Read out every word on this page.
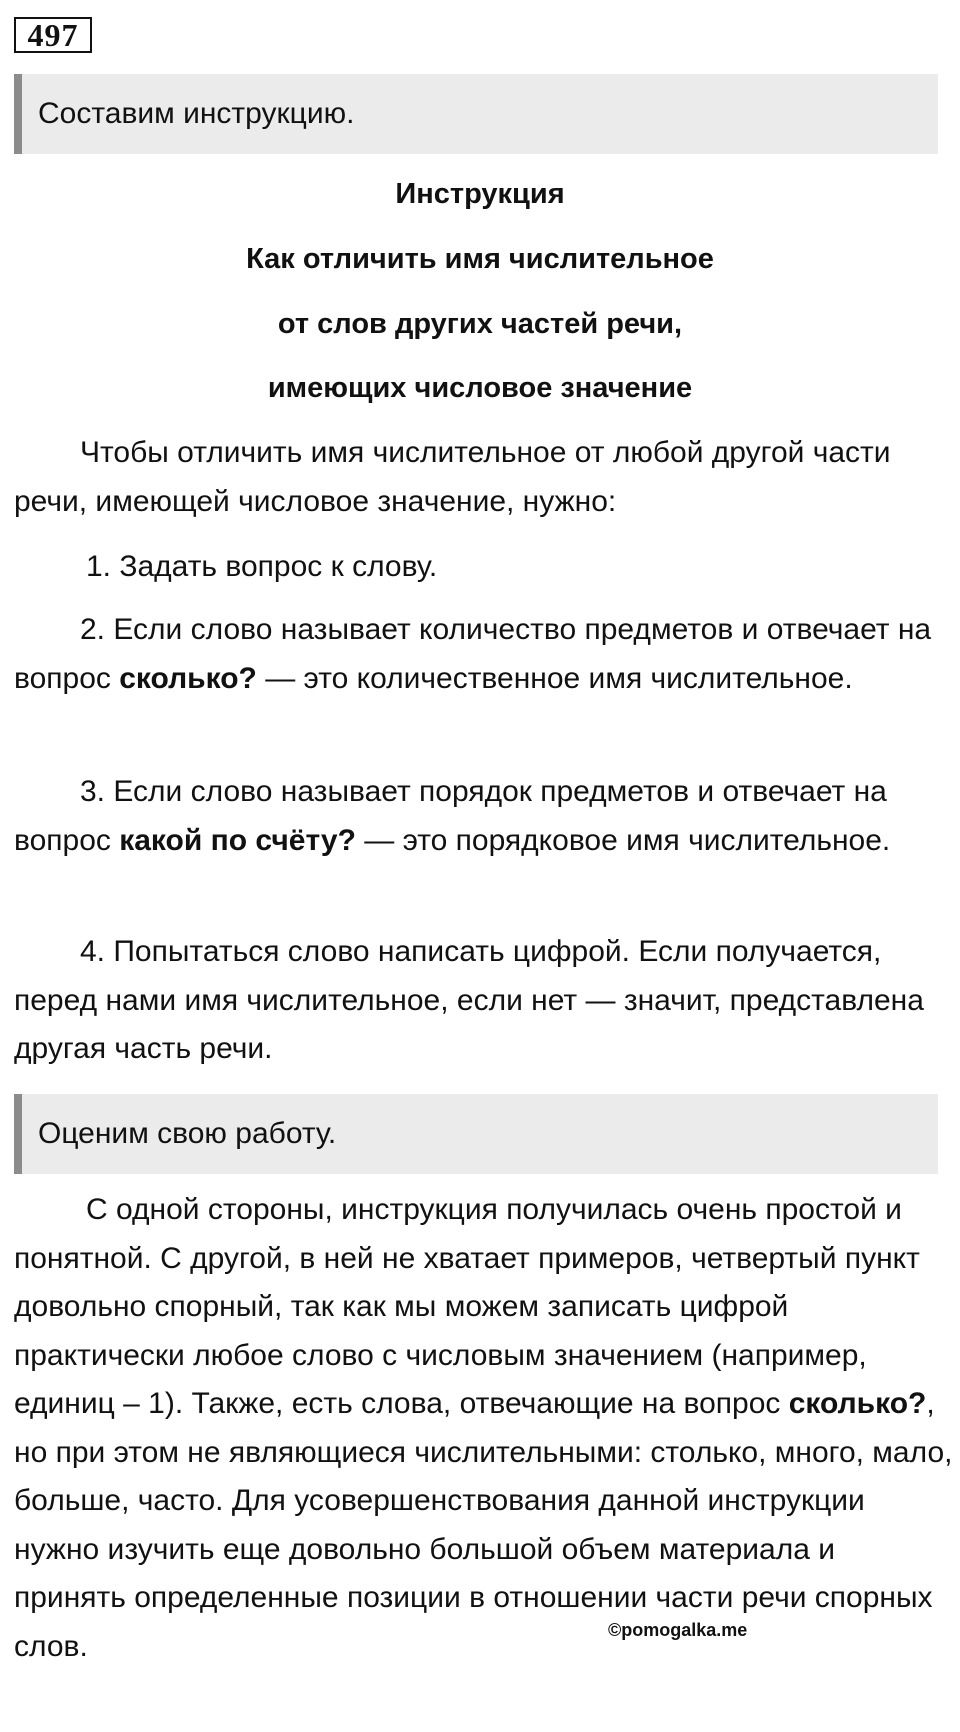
497
Составим инструкцию.
Инструкция
Как отличить имя числительное
от слов других частей речи,
имеющих числовое значение

Чтобы отличить имя числительное от любой другой части речи, имеющей числовое значение, нужно:

1. Задать вопрос к слову.

2. Если слово называет количество предметов и отвечает на вопрос сколько? — это количественное имя числительное.

3. Если слово называет порядок предметов и отвечает на вопрос какой по счёту? — это порядковое имя числительное.

4. Попытаться слово написать цифрой. Если получается, перед нами имя числительное, если нет — значит, представлена другая часть речи.

Оценим свою работу.

С одной стороны, инструкция получилась очень простой и понятной. С другой, в ней не хватает примеров, четвертый пункт довольно спорный, так как мы можем записать цифрой практически любое слово с числовым значением (например, единиц – 1). Также, есть слова, отвечающие на вопрос сколько?, но при этом не являющиеся числительными: столько, много, мало, больше, часто. Для усовершенствования данной инструкции нужно изучить еще довольно большой объем материала и принять определенные позиции в отношении части речи спорных слов.	©pomogalka.me
